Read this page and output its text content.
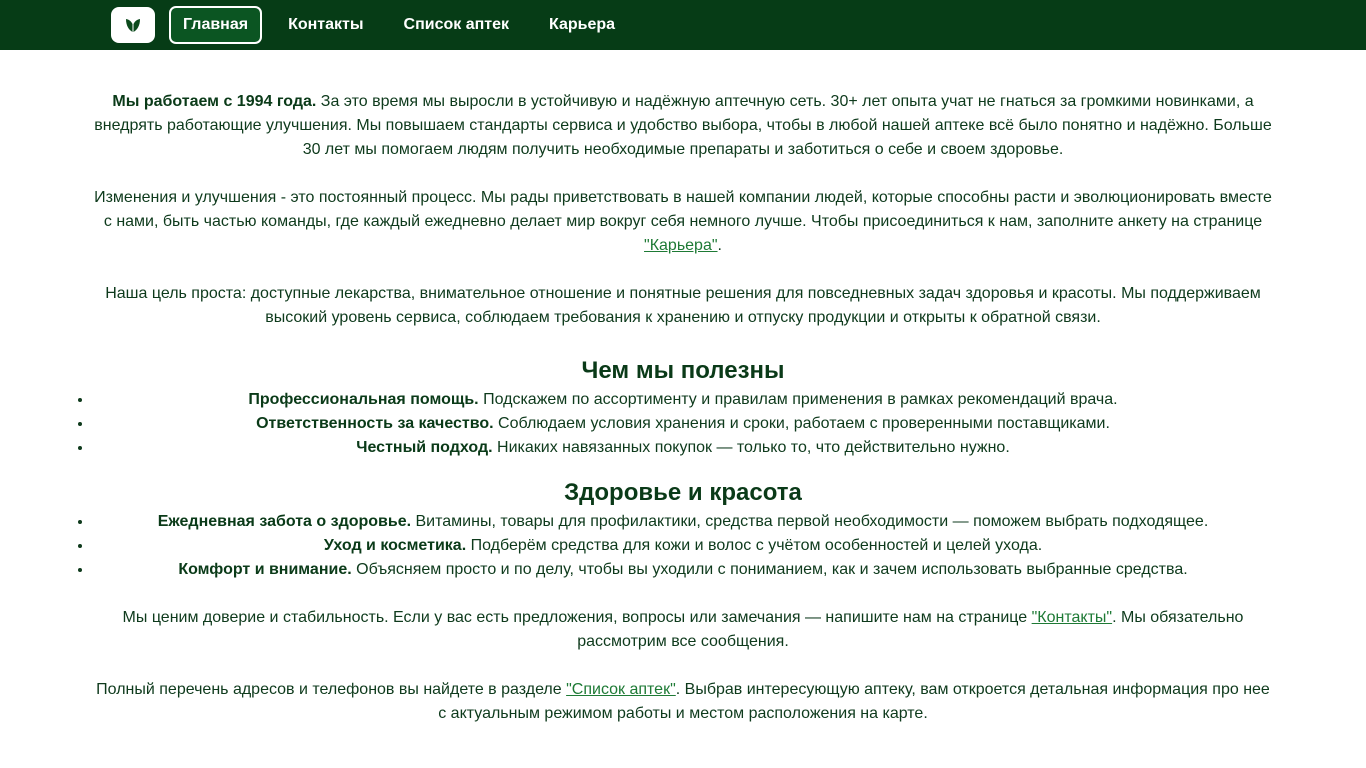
Главная	Контакты	Список аптек	Карьера

Мы работаем с 1994 года. За это время мы выросли в устойчивую и надёжную аптечную сеть. 30+ лет опыта учат не гнаться за громкими новинками, а внедрять работающие улучшения. Мы повышаем стандарты сервиса и удобство выбора, чтобы в любой нашей аптеке всё было понятно и надёжно. Больше 30 лет мы помогаем людям получить необходимые препараты и заботиться о себе и своем здоровье.

Изменения и улучшения - это постоянный процесс. Мы рады приветствовать в нашей компании людей, которые способны расти и эволюционировать вместе с нами, быть частью команды, где каждый ежедневно делает мир вокруг себя немного лучше. Чтобы присоединиться к нам, заполните анкету на странице "Карьера".

Наша цель проста: доступные лекарства, внимательное отношение и понятные решения для повседневных задач здоровья и красоты. Мы поддерживаем высокий уровень сервиса, соблюдаем требования к хранению и отпуску продукции и открыты к обратной связи.

Чем мы полезны
• Профессиональная помощь. Подскажем по ассортименту и правилам применения в рамках рекомендаций врача.
• Ответственность за качество. Соблюдаем условия хранения и сроки, работаем с проверенными поставщиками.
• Честный подход. Никаких навязанных покупок — только то, что действительно нужно.
Здоровье и красота
• Ежедневная забота о здоровье. Витамины, товары для профилактики, средства первой необходимости — поможем выбрать подходящее.
• Уход и косметика. Подберём средства для кожи и волос с учётом особенностей и целей ухода.
• Комфорт и внимание. Объясняем просто и по делу, чтобы вы уходили с пониманием, как и зачем использовать выбранные средства.

Мы ценим доверие и стабильность. Если у вас есть предложения, вопросы или замечания — напишите нам на странице "Контакты". Мы обязательно рассмотрим все сообщения.

Полный перечень адресов и телефонов вы найдете в разделе "Список аптек". Выбрав интересующую аптеку, вам откроется детальная информация про нее с актуальным режимом работы и местом расположения на карте.
